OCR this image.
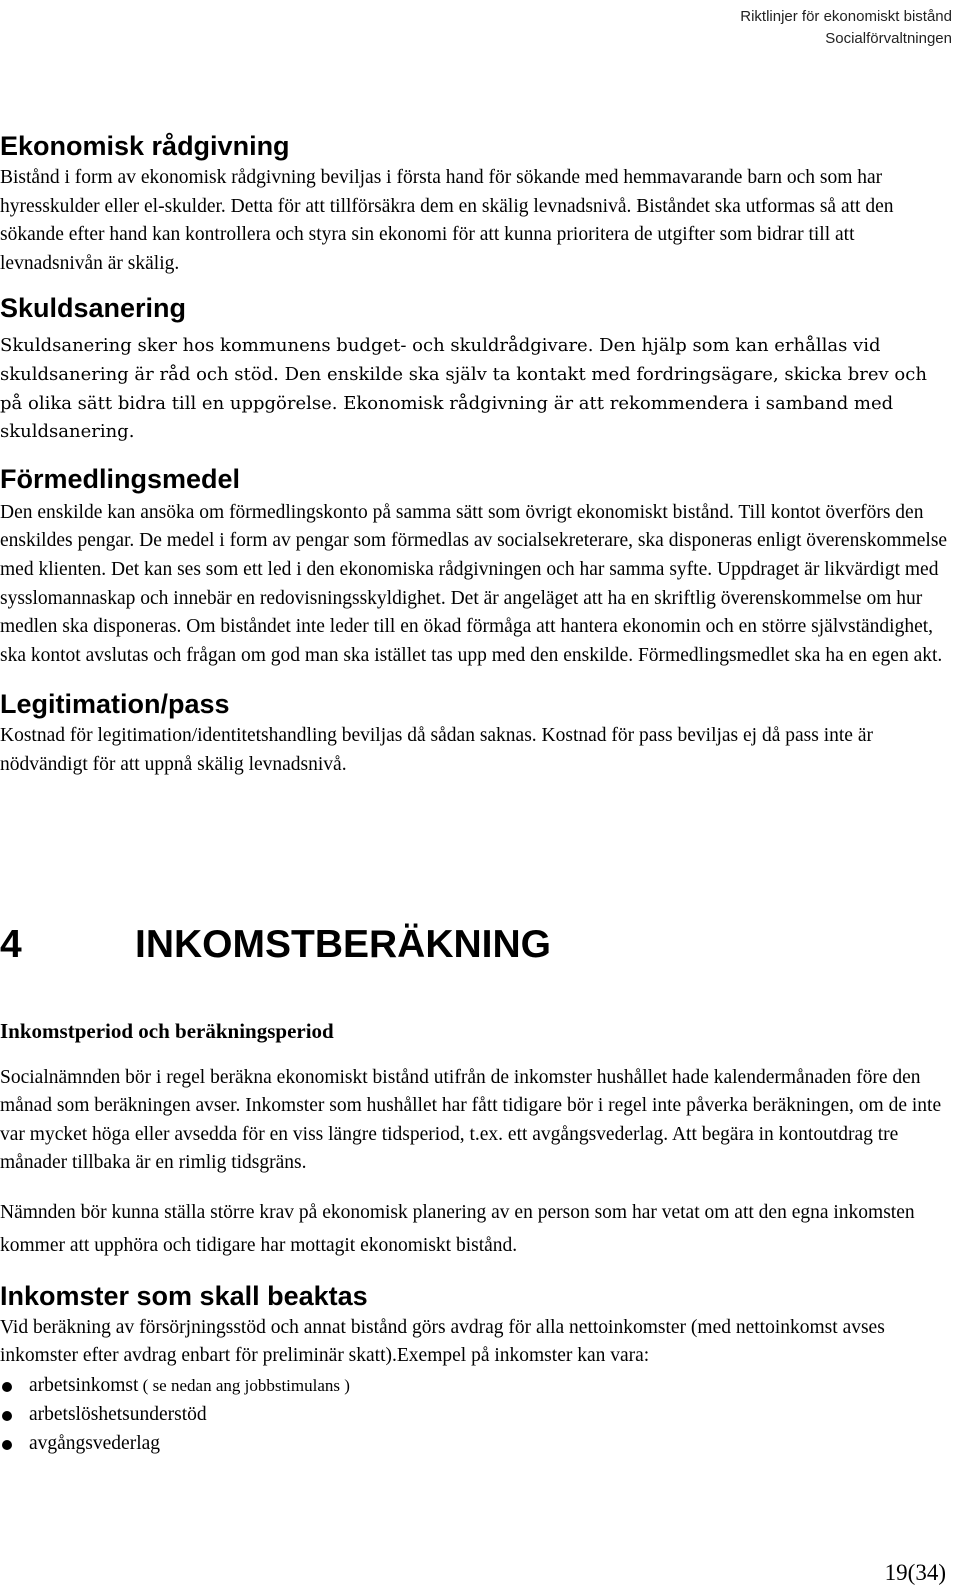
Riktlinjer för ekonomiskt bistånd
Socialförvaltningen
Ekonomisk rådgivning

Bistånd i form av ekonomisk rådgivning beviljas i första hand för sökande med hemmavarande barn och som har hyresskulder eller el-skulder. Detta för att tillförsäkra dem en skälig levnadsnivå. Biståndet ska utformas så att den sökande efter hand kan kontrollera och styra sin ekonomi för att kunna prioritera de utgifter som bidrar till att levnadsnivån är skälig.

Skuldsanering

Skuldsanering sker hos kommunens budget- och skuldrådgivare. Den hjälp som kan erhållas vid skuldsanering är råd och stöd. Den enskilde ska själv ta kontakt med fordringsägare, skicka brev och på olika sätt bidra till en uppgörelse. Ekonomisk rådgivning är att rekommendera i samband med skuldsanering.

Förmedlingsmedel

Den enskilde kan ansöka om förmedlingskonto på samma sätt som övrigt ekonomiskt bistånd. Till kontot överförs den enskildes pengar. De medel i form av pengar som förmedlas av socialsekreterare, ska disponeras enligt överenskommelse med klienten. Det kan ses som ett led i den ekonomiska rådgivningen och har samma syfte. Uppdraget är likvärdigt med sysslomannaskap och innebär en redovisningsskyldighet. Det är angeläget att ha en skriftlig överenskommelse om hur medlen ska disponeras. Om biståndet inte leder till en ökad förmåga att hantera ekonomin och en större självständighet, ska kontot avslutas och frågan om god man ska istället tas upp med den enskilde. Förmedlingsmedlet ska ha en egen akt.

Legitimation/pass

Kostnad för legitimation/identitetshandling beviljas då sådan saknas. Kostnad för pass beviljas ej då pass inte är nödvändigt för att uppnå skälig levnadsnivå.

4	INKOMSTBERÄKNING
Inkomstperiod och beräkningsperiod

Socialnämnden bör i regel beräkna ekonomiskt bistånd utifrån de inkomster hushållet hade kalendermånaden före den månad som beräkningen avser. Inkomster som hushållet har fått tidigare bör i regel inte påverka beräkningen, om de inte var mycket höga eller avsedda för en viss längre tidsperiod, t.ex. ett avgångsvederlag. Att begära in kontoutdrag tre månader tillbaka är en rimlig tidsgräns.

Nämnden bör kunna ställa större krav på ekonomisk planering av en person som har vetat om att den egna inkomsten kommer att upphöra och tidigare har mottagit ekonomiskt bistånd.

Inkomster som skall beaktas

Vid beräkning av försörjningsstöd och annat bistånd görs avdrag för alla nettoinkomster (med nettoinkomst avses inkomster efter avdrag enbart för preliminär skatt).Exempel på inkomster kan vara:

arbetsinkomst ( se nedan ang jobbstimulans )
arbetslöshetsunderstöd
avgångsvederlag
19(34)
